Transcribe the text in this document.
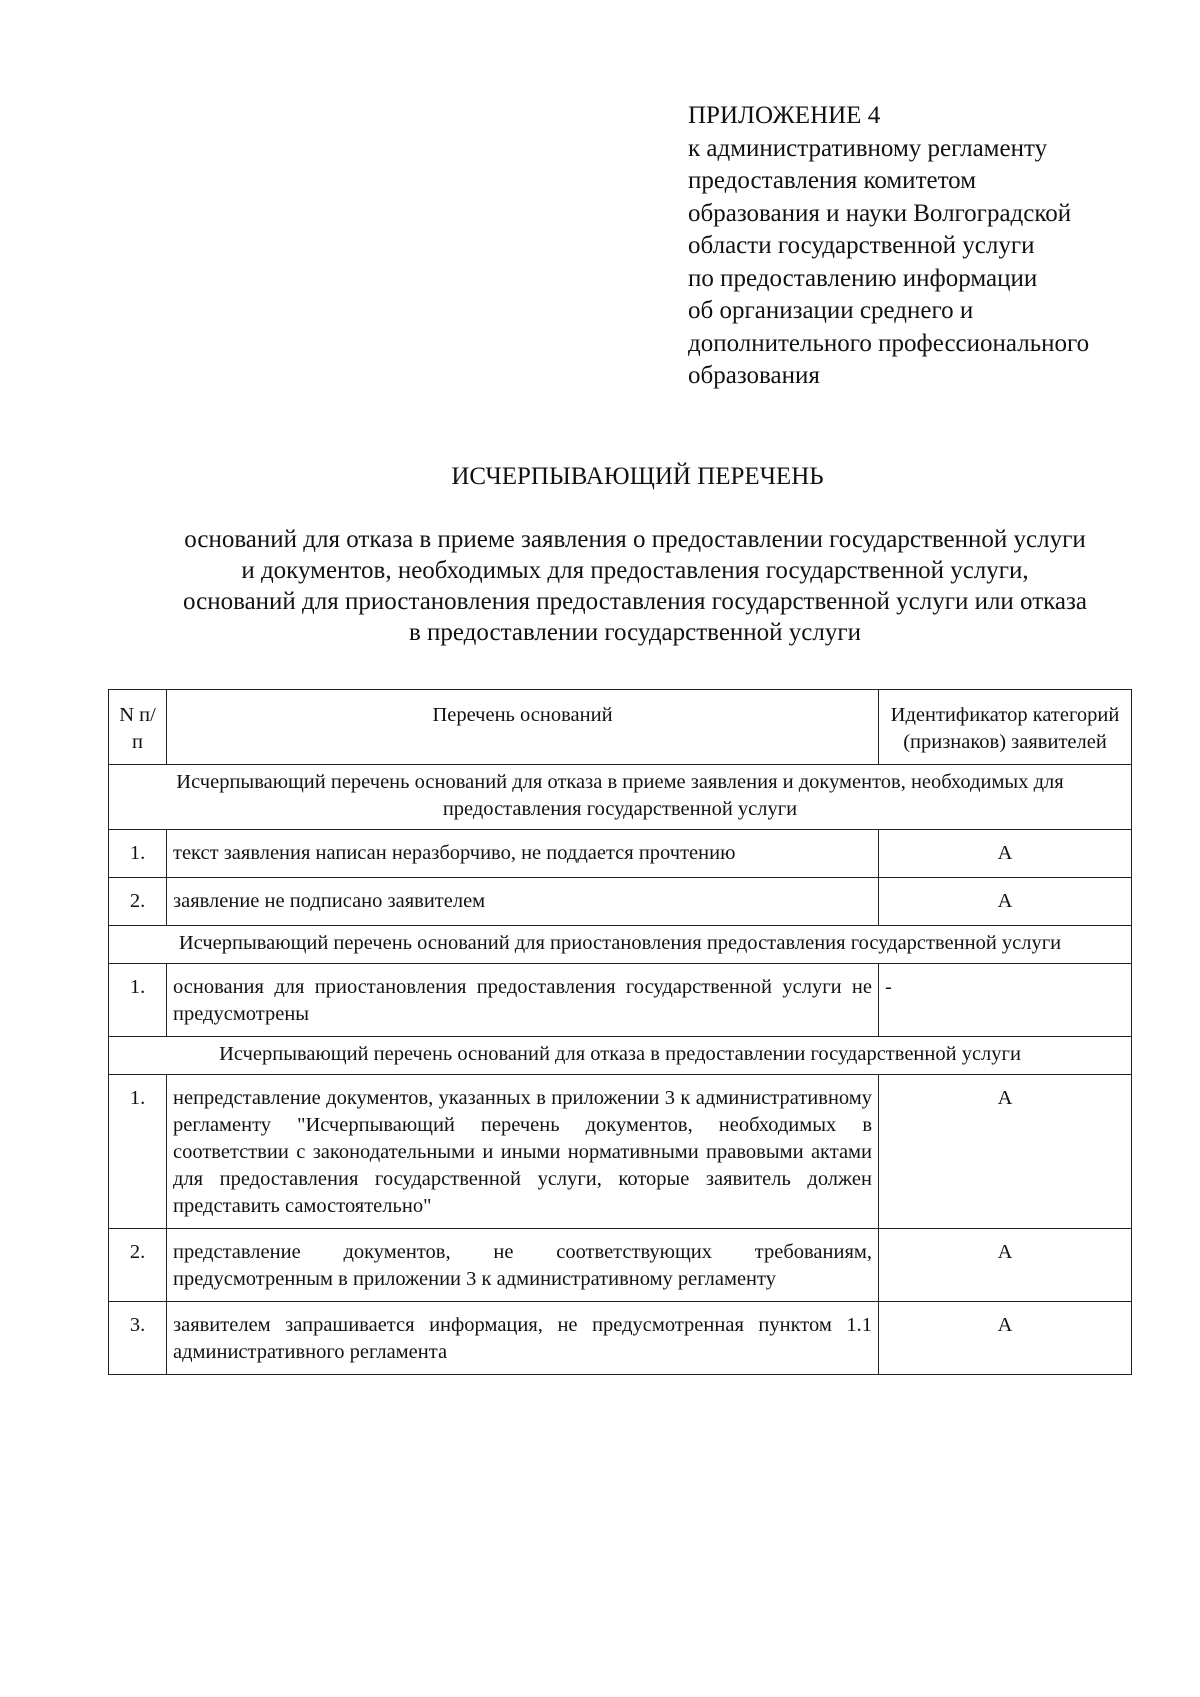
ПРИЛОЖЕНИЕ 4
к административному регламенту
предоставления комитетом
образования и науки Волгоградской
области государственной услуги
по предоставлению информации
об организации среднего и
дополнительного профессионального
образования
ИСЧЕРПЫВАЮЩИЙ ПЕРЕЧЕНЬ
оснований для отказа в приеме заявления о предоставлении государственной услуги
и документов, необходимых для предоставления государственной услуги,
оснований для приостановления предоставления государственной услуги или отказа
в предоставлении государственной услуги
N п/п	Перечень оснований	Идентификатор категорий (признаков) заявителей
Исчерпывающий перечень оснований для отказа в приеме заявления и документов, необходимых для предоставления государственной услуги		
1.	текст заявления написан неразборчиво, не поддается прочтению	А
2.	заявление не подписано заявителем	А
Исчерпывающий перечень оснований для приостановления предоставления государственной услуги		
1.	основания для приостановления предоставления государственной услуги не предусмотрены	-
Исчерпывающий перечень оснований для отказа в предоставлении государственной услуги		
1.	непредставление документов, указанных в приложении 3 к административному регламенту "Исчерпывающий перечень документов, необходимых в соответствии с законодательными и иными нормативными правовыми актами для предоставления государственной услуги, которые заявитель должен представить самостоятельно"	А
2.	представление документов, не соответствующих требованиям, предусмотренным в приложении 3 к административному регламенту	А
3.	заявителем запрашивается информация, не предусмотренная пунктом 1.1 административного регламента	А
